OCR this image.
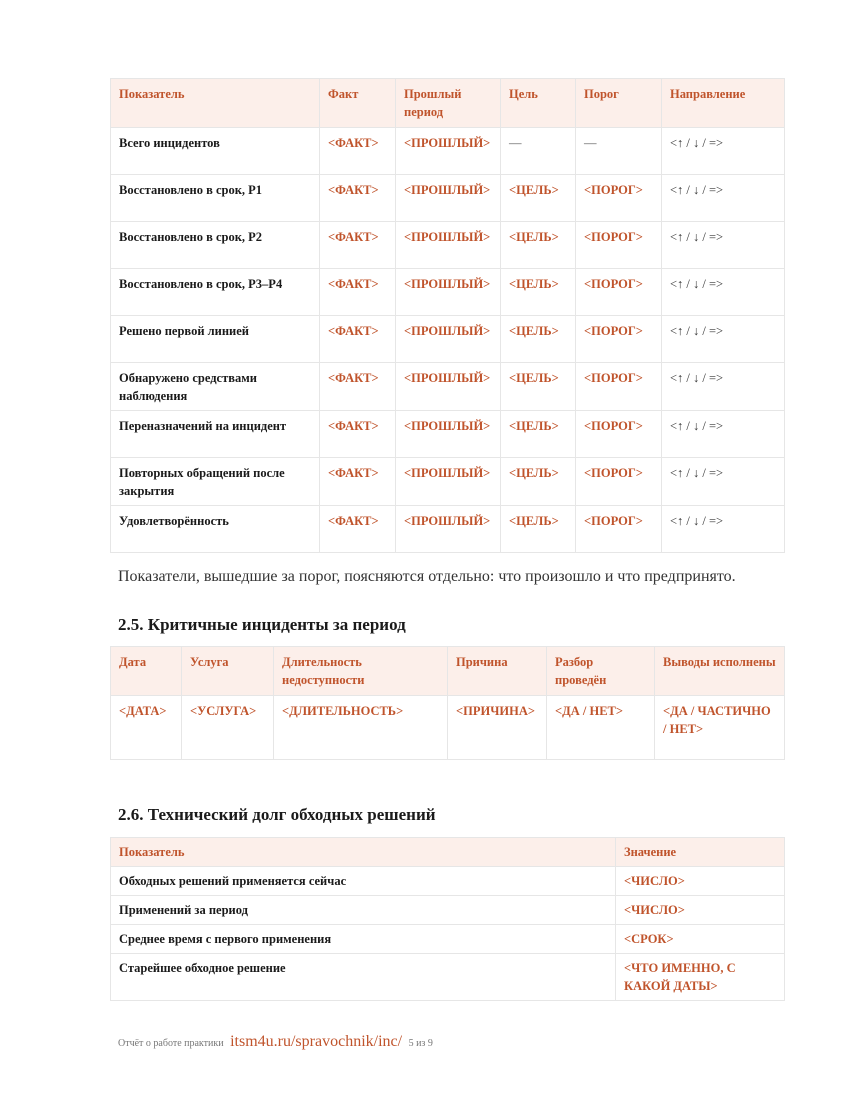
Показатель	Факт	Прошлый период	Цель	Порог	Направление
Всего инцидентов	<ФАКТ>	<ПРОШЛЫЙ>	—	—	<↑ / ↓ / =>
Восстановлено в срок, P1	<ФАКТ>	<ПРОШЛЫЙ>	<ЦЕЛЬ>	<ПОРОГ>	<↑ / ↓ / =>
Восстановлено в срок, P2	<ФАКТ>	<ПРОШЛЫЙ>	<ЦЕЛЬ>	<ПОРОГ>	<↑ / ↓ / =>
Восстановлено в срок, P3–P4	<ФАКТ>	<ПРОШЛЫЙ>	<ЦЕЛЬ>	<ПОРОГ>	<↑ / ↓ / =>
Решено первой линией	<ФАКТ>	<ПРОШЛЫЙ>	<ЦЕЛЬ>	<ПОРОГ>	<↑ / ↓ / =>
Обнаружено средствами наблюдения	<ФАКТ>	<ПРОШЛЫЙ>	<ЦЕЛЬ>	<ПОРОГ>	<↑ / ↓ / =>
Переназначений на инцидент	<ФАКТ>	<ПРОШЛЫЙ>	<ЦЕЛЬ>	<ПОРОГ>	<↑ / ↓ / =>
Повторных обращений после закрытия	<ФАКТ>	<ПРОШЛЫЙ>	<ЦЕЛЬ>	<ПОРОГ>	<↑ / ↓ / =>
Удовлетворённость	<ФАКТ>	<ПРОШЛЫЙ>	<ЦЕЛЬ>	<ПОРОГ>	<↑ / ↓ / =>
Показатели, вышедшие за порог, поясняются отдельно: что произошло и что предпринято.
2.5. Критичные инциденты за период
Дата	Услуга	Длительность недоступности	Причина	Разбор проведён	Выводы исполнены
<ДАТА>	<УСЛУГА>	<ДЛИТЕЛЬНОСТЬ>	<ПРИЧИНА>	<ДА / НЕТ>	<ДА / ЧАСТИЧНО / НЕТ>
2.6. Технический долг обходных решений
Показатель	Значение
Обходных решений применяется сейчас	<ЧИСЛО>
Применений за период	<ЧИСЛО>
Среднее время с первого применения	<СРОК>
Старейшее обходное решение	<ЧТО ИМЕННО, С КАКОЙ ДАТЫ>
Отчёт о работе практики itsm4u.ru/spravochnik/inc/ 5 из 9
